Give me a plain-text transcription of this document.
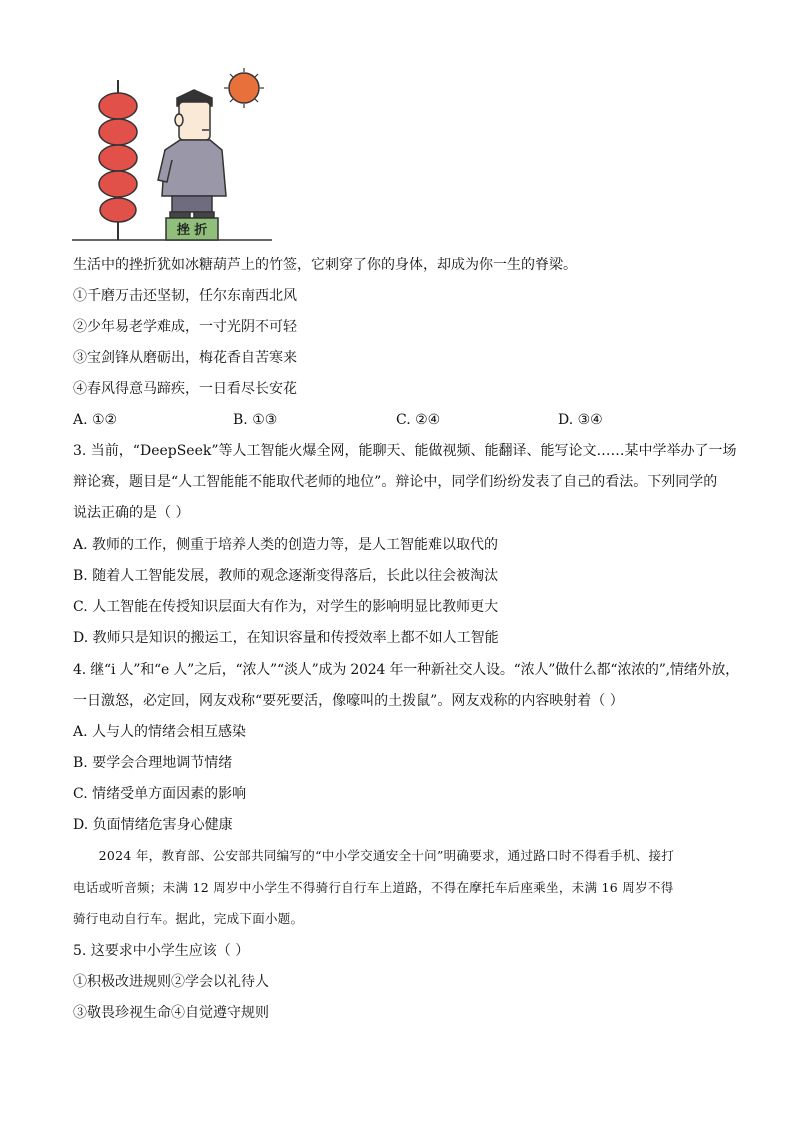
挫 折
生活中的挫折犹如冰糖葫芦上的竹签，它刺穿了你的身体，却成为你一生的脊梁。
①千磨万击还坚韧，任尔东南西北风
②少年易老学难成，一寸光阴不可轻
③宝剑锋从磨砺出，梅花香自苦寒来
④春风得意马蹄疾，一日看尽长安花
A. ①②	B. ①③	C. ②④	D. ③④
3. 当前，“DeepSeek”等人工智能火爆全网，能聊天、能做视频、能翻译、能写论文……某中学举办了一场
辩论赛，题目是“人工智能能不能取代老师的地位”。辩论中，同学们纷纷发表了自己的看法。下列同学的
说法正确的是（ ）
A. 教师的工作，侧重于培养人类的创造力等，是人工智能难以取代的
B. 随着人工智能发展，教师的观念逐渐变得落后，长此以往会被淘汰
C. 人工智能在传授知识层面大有作为，对学生的影响明显比教师更大
D. 教师只是知识的搬运工，在知识容量和传授效率上都不如人工智能
4. 继“i 人”和“e 人”之后，“浓人”“淡人”成为 2024 年一种新社交人设。“浓人”做什么都“浓浓的”,情绪外放，
一日激怒，必定回，网友戏称“要死要活，像嚎叫的土拨鼠”。网友戏称的内容映射着（ ）
A. 人与人的情绪会相互感染
B. 要学会合理地调节情绪
C. 情绪受单方面因素的影响
D. 负面情绪危害身心健康
　　2024 年，教育部、公安部共同编写的“中小学交通安全十问”明确要求，通过路口时不得看手机、接打
电话或听音频；未满 12 周岁中小学生不得骑行自行车上道路，不得在摩托车后座乘坐，未满 16 周岁不得
骑行电动自行车。据此，完成下面小题。
5. 这要求中小学生应该（ ）
①积极改进规则②学会以礼待人
③敬畏珍视生命④自觉遵守规则
